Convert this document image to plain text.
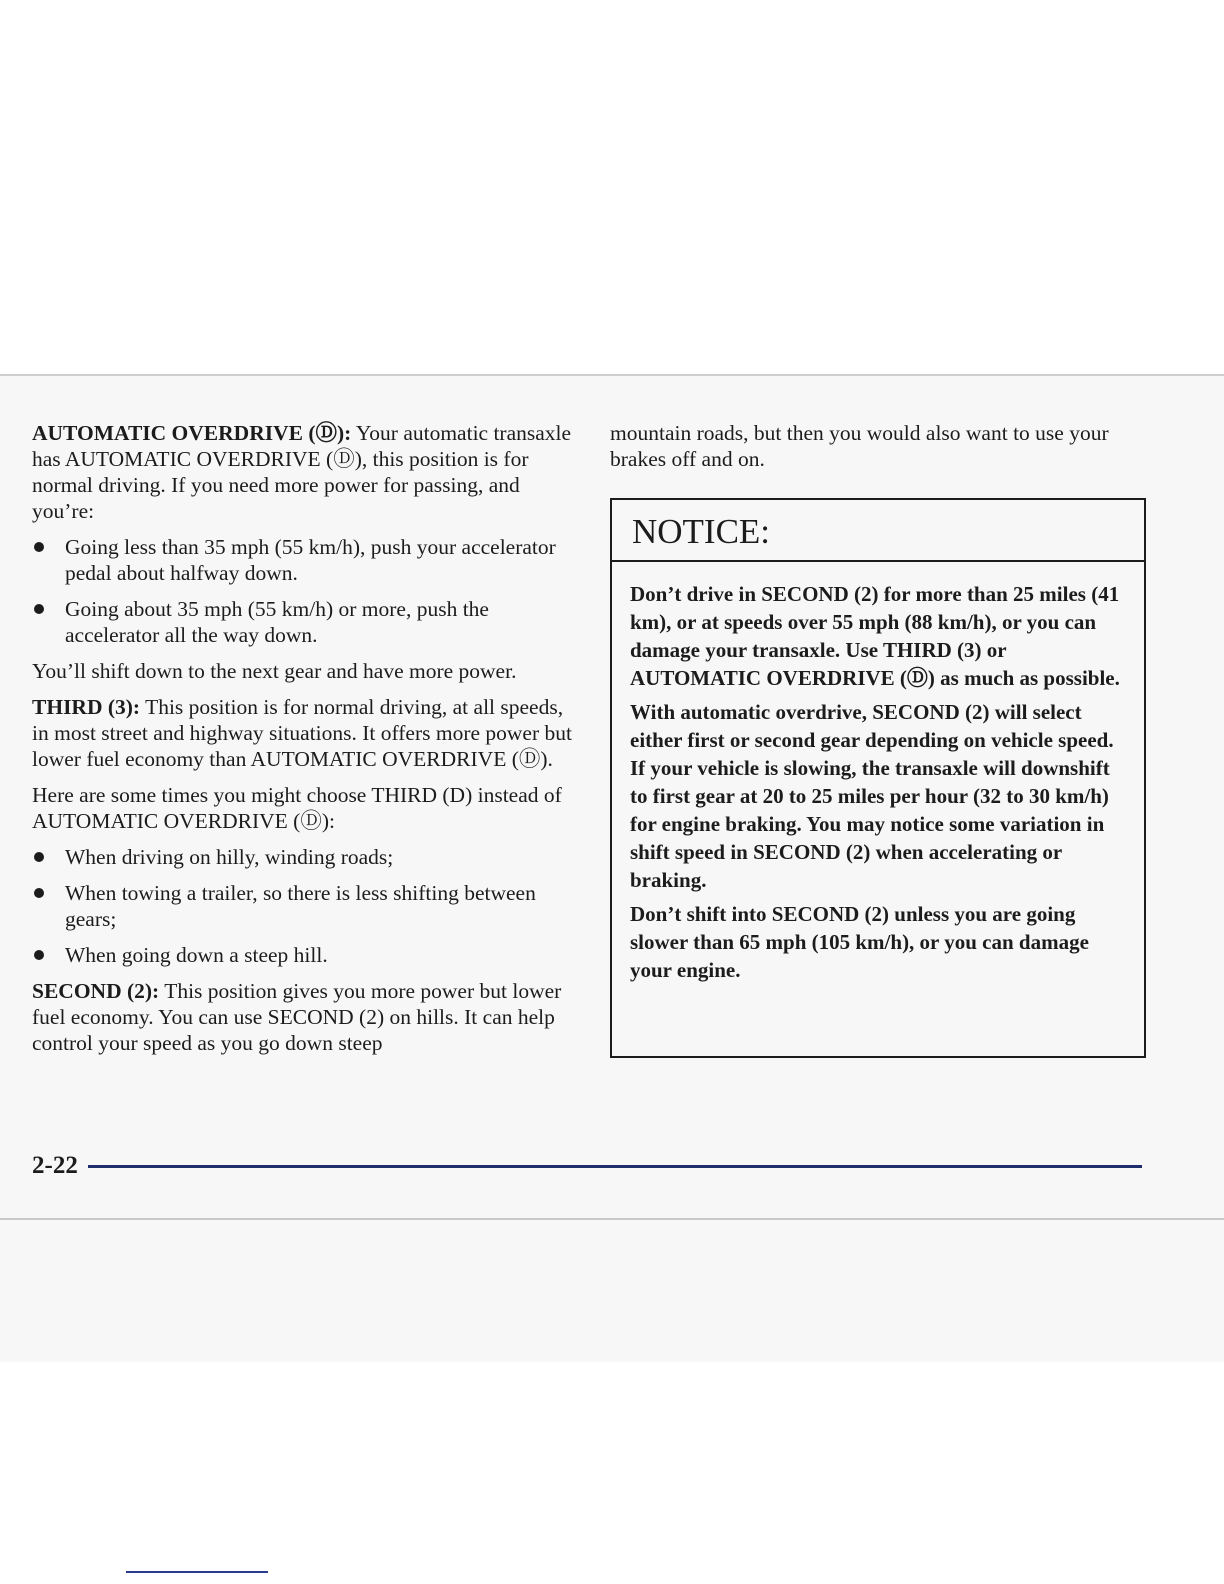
AUTOMATIC OVERDRIVE (Ⓓ): Your automatic transaxle has AUTOMATIC OVERDRIVE (Ⓓ), this position is for normal driving. If you need more power for passing, and you’re:

Going less than 35 mph (55 km/h), push your accelerator pedal about halfway down.
Going about 35 mph (55 km/h) or more, push the accelerator all the way down.

You’ll shift down to the next gear and have more power.

THIRD (3): This position is for normal driving, at all speeds, in most street and highway situations. It offers more power but lower fuel economy than AUTOMATIC OVERDRIVE (Ⓓ).

Here are some times you might choose THIRD (D) instead of AUTOMATIC OVERDRIVE (Ⓓ):

When driving on hilly, winding roads;
When towing a trailer, so there is less shifting between gears;
When going down a steep hill.

SECOND (2): This position gives you more power but lower fuel economy. You can use SECOND (2) on hills. It can help control your speed as you go down steep

mountain roads, but then you would also want to use your brakes off and on.

NOTICE:

Don’t drive in SECOND (2) for more than 25 miles (41 km), or at speeds over 55 mph (88 km/h), or you can damage your transaxle. Use THIRD (3) or AUTOMATIC OVERDRIVE (Ⓓ) as much as possible.

With automatic overdrive, SECOND (2) will select either first or second gear depending on vehicle speed. If your vehicle is slowing, the transaxle will downshift to first gear at 20 to 25 miles per hour (32 to 30 km/h) for engine braking. You may notice some variation in shift speed in SECOND (2) when accelerating or braking.

Don’t shift into SECOND (2) unless you are going slower than 65 mph (105 km/h), or you can damage your engine.

2-22
